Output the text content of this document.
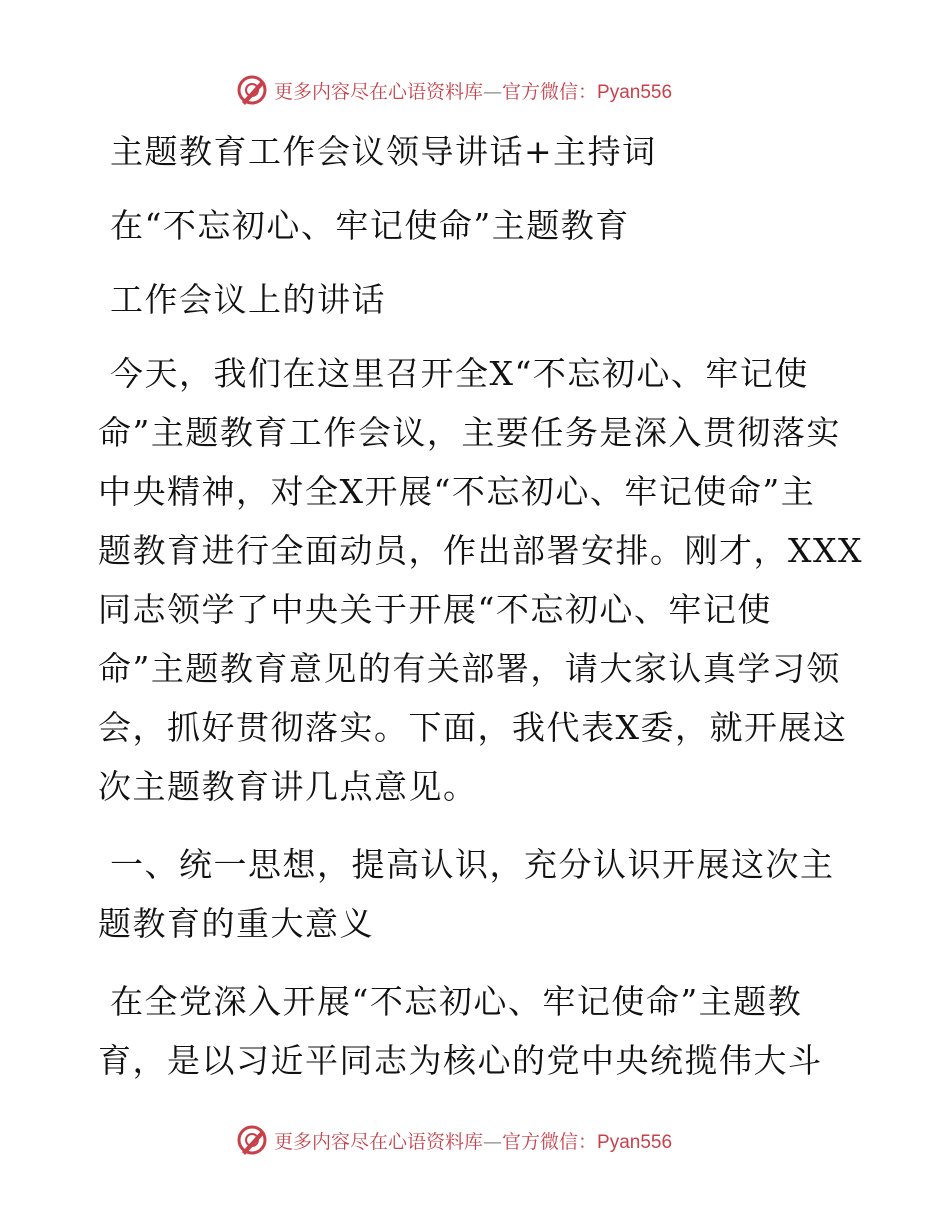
更多内容尽在心语资料库—官方微信：Pyan556
主题教育工作会议领导讲话+主持词
在“不忘初心、牢记使命”主题教育
工作会议上的讲话
今天，我们在这里召开全X“不忘初心、牢记使
命”主题教育工作会议，主要任务是深入贯彻落实
中央精神，对全X开展“不忘初心、牢记使命”主
题教育进行全面动员，作出部署安排。刚才，XXX
同志领学了中央关于开展“不忘初心、牢记使
命”主题教育意见的有关部署，请大家认真学习领
会，抓好贯彻落实。下面，我代表X委，就开展这
次主题教育讲几点意见。
一、统一思想，提高认识，充分认识开展这次主
题教育的重大意义
在全党深入开展“不忘初心、牢记使命”主题教
育，是以习近平同志为核心的党中央统揽伟大斗
更多内容尽在心语资料库—官方微信：Pyan556
